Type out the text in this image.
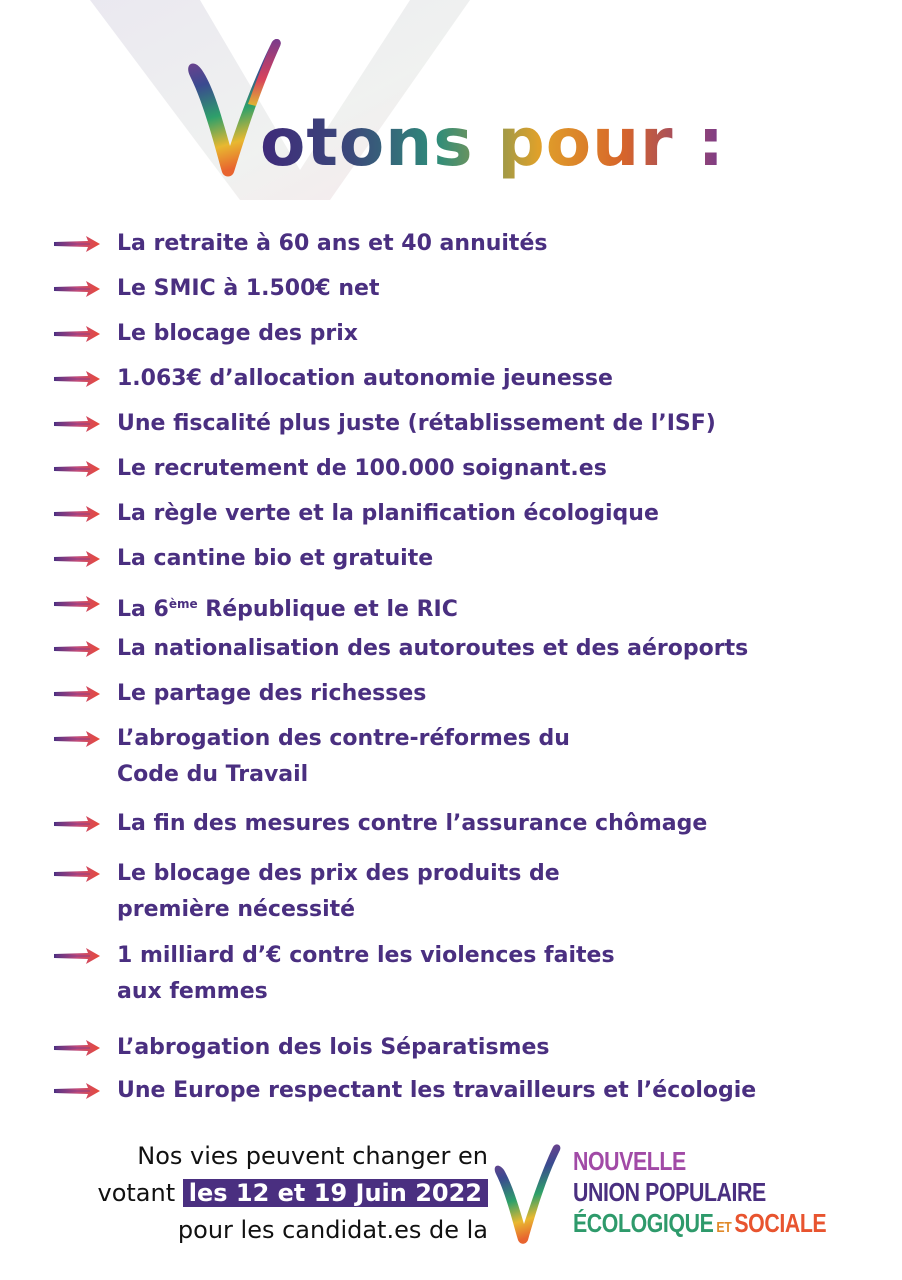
otons pour :
La retraite à 60 ans et 40 annuités
Le SMIC à 1.500€ net
Le blocage des prix
1.063€ d’allocation autonomie jeunesse
Une fiscalité plus juste (rétablissement de l’ISF)
Le recrutement de 100.000 soignant.es
La règle verte et la planification écologique
La cantine bio et gratuite
La 6ème République et le RIC
La nationalisation des autoroutes et des aéroports
Le partage des richesses
L’abrogation des contre-réformes du
Code du Travail
La fin des mesures contre l’assurance chômage
Le blocage des prix des produits de
première nécessité
1 milliard d’€ contre les violences faites
aux femmes
L’abrogation des lois Séparatismes
Une Europe respectant les travailleurs et l’écologie
Nos vies peuvent changer en
votant les 12 et 19 Juin 2022
pour les candidat.es de la
NOUVELLE
UNION POPULAIRE
ÉCOLOGIQUE ET SOCIALE
